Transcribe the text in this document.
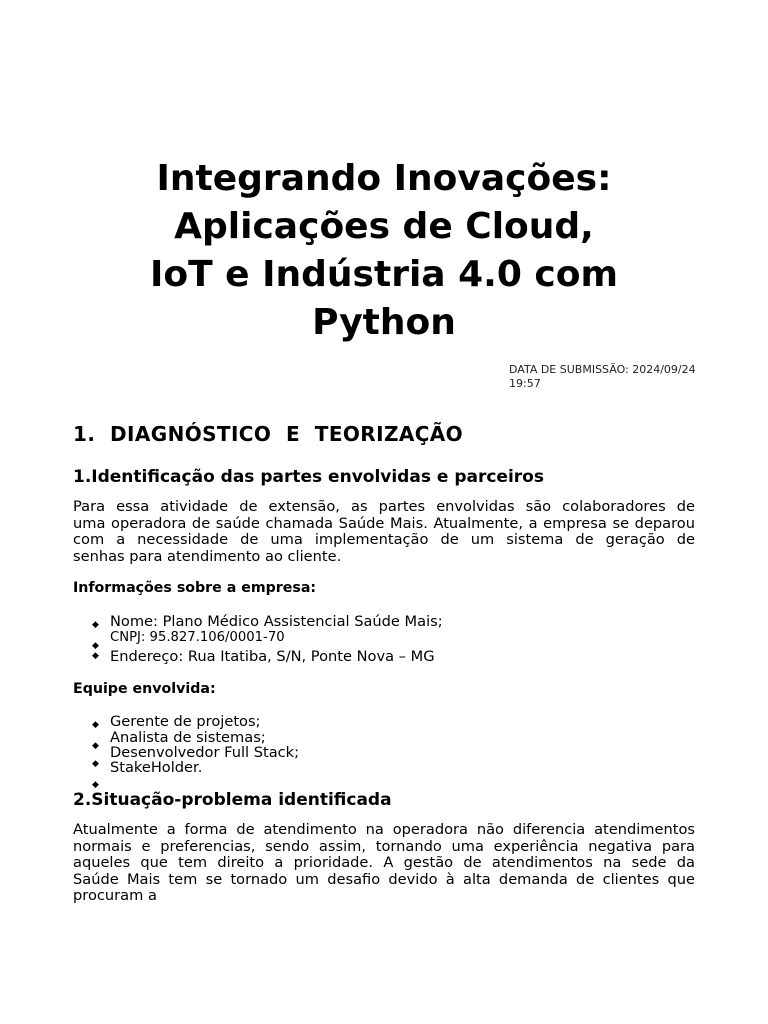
Integrando Inovações:
Aplicações de Cloud,
IoT e Indústria 4.0 com
Python
DATA DE SUBMISSÃO: 2024/09/24
19:57
1.  DIAGNÓSTICO  E  TEORIZAÇÃO
1.Identificação das partes envolvidas e parceiros
Para essa atividade de extensão, as partes envolvidas são colaboradores de
uma operadora de saúde chamada Saúde Mais. Atualmente, a empresa se deparou
com a necessidade de uma implementação de um sistema de geração de
senhas para atendimento ao cliente.
Informações sobre a empresa:
◆
◆
◆
Nome: Plano Médico Assistencial Saúde Mais;
CNPJ: 95.827.106/0001-70
Endereço: Rua Itatiba, S/N, Ponte Nova – MG
Equipe envolvida:
◆
◆
◆
◆
Gerente de projetos;
Analista de sistemas;
Desenvolvedor Full Stack;
StakeHolder.
2.Situação-problema identificada
Atualmente a forma de atendimento na operadora não diferencia atendimentos
normais e preferencias, sendo assim, tornando uma experiência negativa para
aqueles que tem direito a prioridade. A gestão de atendimentos na sede da
Saúde Mais tem se tornado um desafio devido à alta demanda de clientes que
procuram a
